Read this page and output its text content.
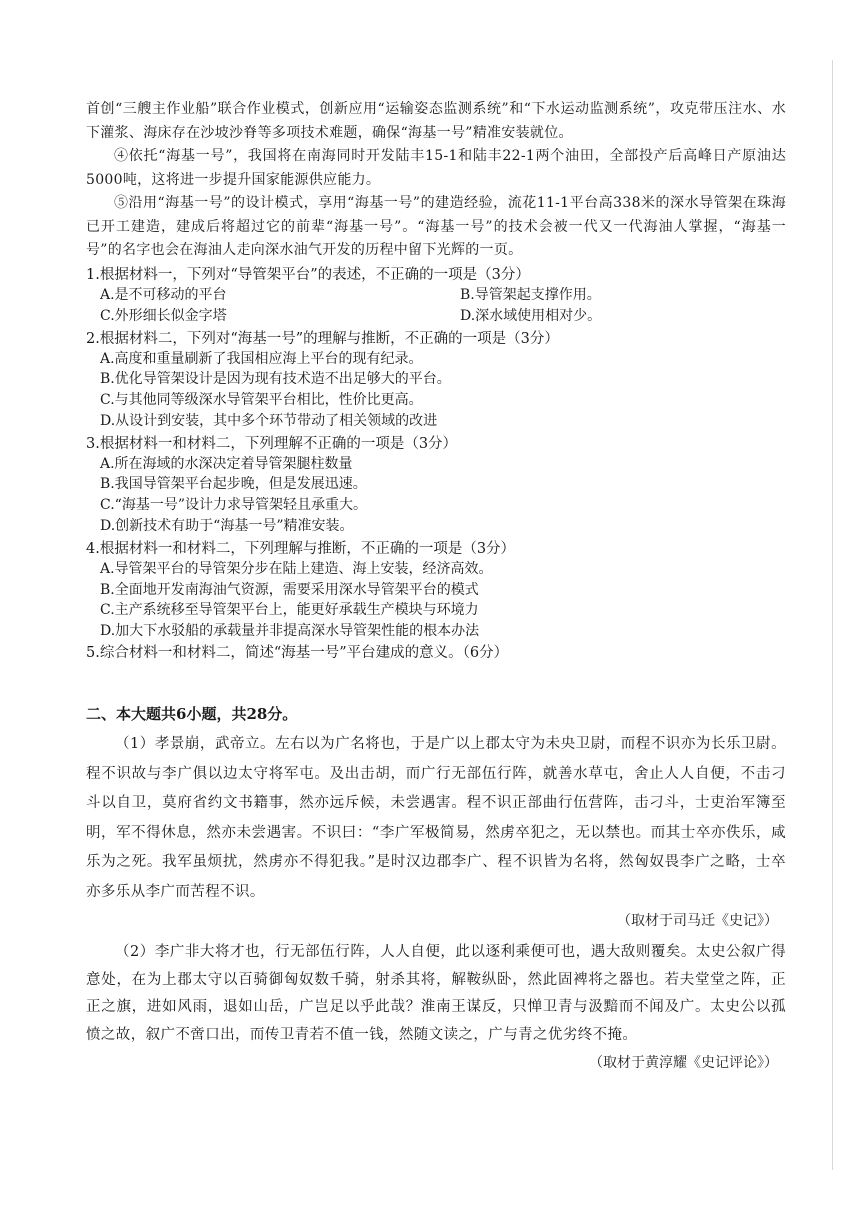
首创“三艘主作业船”联合作业模式，创新应用“运输姿态监测系统”和“下水运动监测系统”，攻克带压注水、水下灌浆、海床存在沙坡沙脊等多项技术难题，确保“海基一号”精准安装就位。

④依托“海基一号”，我国将在南海同时开发陆丰15-1和陆丰22-1两个油田，全部投产后高峰日产原油达5000吨，这将进一步提升国家能源供应能力。

⑤沿用“海基一号”的设计模式，享用“海基一号”的建造经验，流花11-1平台高338米的深水导管架在珠海已开工建造，建成后将超过它的前辈“海基一号”。“海基一号”的技术会被一代又一代海油人掌握，“海基一号”的名字也会在海油人走向深水油气开发的历程中留下光辉的一页。

1.根据材料一，下列对“导管架平台”的表述，不正确的一项是（3分）

A.是不可移动的平台	B.导管架起支撑作用。
C.外形细长似金字塔	D.深水域使用相对少。

2.根据材料二，下列对“海基一号”的理解与推断，不正确的一项是（3分）

A.高度和重量刷新了我国相应海上平台的现有纪录。

B.优化导管架设计是因为现有技术造不出足够大的平台。

C.与其他同等级深水导管架平台相比，性价比更高。

D.从设计到安装，其中多个环节带动了相关领域的改进

3.根据材料一和材料二，下列理解不正确的一项是（3分）

A.所在海域的水深决定着导管架腿柱数量

B.我国导管架平台起步晚，但是发展迅速。

C.“海基一号”设计力求导管架轻且承重大。

D.创新技术有助于“海基一号”精准安装。

4.根据材料一和材料二，下列理解与推断，不正确的一项是（3分）

A.导管架平台的导管架分步在陆上建造、海上安装，经济高效。

B.全面地开发南海油气资源，需要采用深水导管架平台的模式

C.主产系统移至导管架平台上，能更好承载生产模块与环境力

D.加大下水驳船的承载量并非提高深水导管架性能的根本办法

5.综合材料一和材料二，简述“海基一号”平台建成的意义。（6分）

二、本大题共6小题，共28分。

（1）孝景崩，武帝立。左右以为广名将也，于是广以上郡太守为未央卫尉，而程不识亦为长乐卫尉。程不识故与李广俱以边太守将军屯。及出击胡，而广行无部伍行阵，就善水草屯，舍止人人自便，不击刁斗以自卫，莫府省约文书籍事，然亦远斥候，未尝遇害。程不识正部曲行伍营阵，击刁斗，士吏治军簿至明，军不得休息，然亦未尝遇害。不识曰：“李广军极简易，然虏卒犯之，无以禁也。而其士卒亦佚乐，咸乐为之死。我军虽烦扰，然虏亦不得犯我。”是时汉边郡李广、程不识皆为名将，然匈奴畏李广之略，士卒亦多乐从李广而苦程不识。

（取材于司马迁《史记》）

（2）李广非大将才也，行无部伍行阵，人人自便，此以逐利乘便可也，遇大敌则覆矣。太史公叙广得意处，在为上郡太守以百骑御匈奴数千骑，射杀其将，解鞍纵卧，然此固裨将之器也。若夫堂堂之阵，正正之旗，进如风雨，退如山岳，广岂足以乎此哉？淮南王谋反，只惮卫青与汲黯而不闻及广。太史公以孤愤之故，叙广不啻口出，而传卫青若不值一钱，然随文读之，广与青之优劣终不掩。

（取材于黄淳耀《史记评论》）
